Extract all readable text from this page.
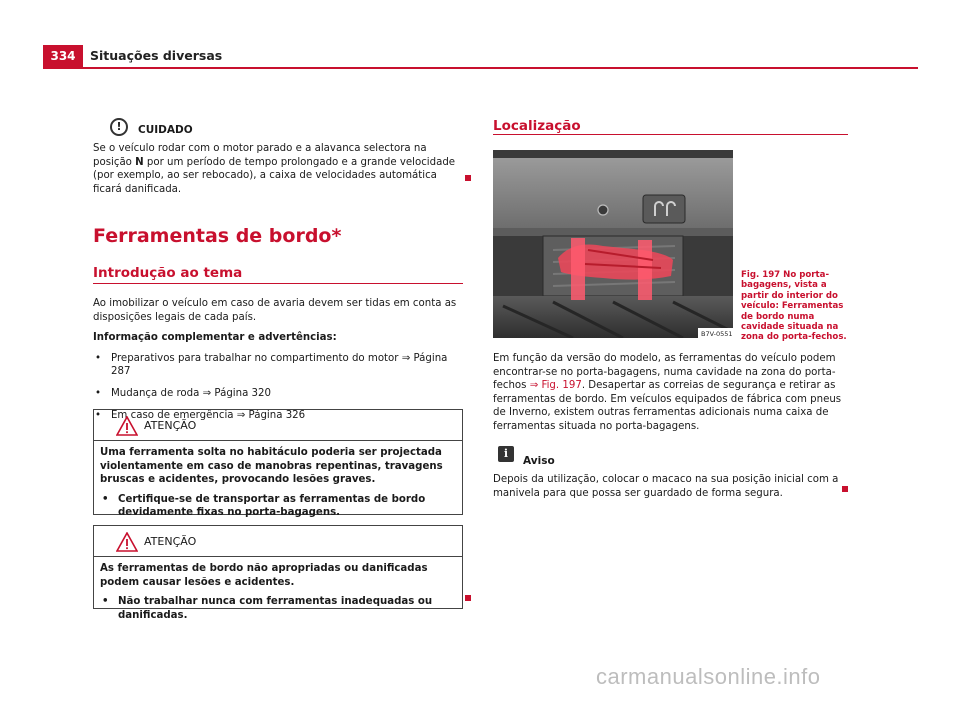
334	Situações diversas
!	CUIDADO

Se o veículo rodar com o motor parado e a alavanca selectora na posição N por um período de tempo prolongado e a grande velocidade (por exemplo, ao ser rebocado), a caixa de velocidades automática ficará danificada.

Ferramentas de bordo*
Introdução ao tema

Ao imobilizar o veículo em caso de avaria devem ser tidas em conta as disposições legais de cada país.

Informação complementar e advertências:

• Preparativos para trabalhar no compartimento do motor ⇒ Página 287
• Mudança de roda ⇒ Página 320
• Em caso de emergência ⇒ Página 326
ATENÇÃO

Uma ferramenta solta no habitáculo poderia ser projectada violentamente em caso de manobras repentinas, travagens bruscas e acidentes, provocando lesões graves.

• Certifique-se de transportar as ferramentas de bordo devidamente fixas no porta-bagagens.
ATENÇÃO

As ferramentas de bordo não apropriadas ou danificadas podem causar lesões e acidentes.

• Não trabalhar nunca com ferramentas inadequadas ou danificadas.
Localização
B7V-0551
Fig. 197 No porta-bagagens, vista a partir do interior do veículo: Ferramentas de bordo numa cavidade situada na zona do porta-fechos.

Em função da versão do modelo, as ferramentas do veículo podem encontrar-se no porta-bagagens, numa cavidade na zona do porta-fechos ⇒ Fig. 197. Desapertar as correias de segurança e retirar as ferramentas de bordo. Em veículos equipados de fábrica com pneus de Inverno, existem outras ferramentas adicionais numa caixa de ferramentas situada no porta-bagagens.

i
Aviso
Depois da utilização, colocar o macaco na sua posição inicial com a manivela para que possa ser guardado de forma segura.
carmanualsonline.info
